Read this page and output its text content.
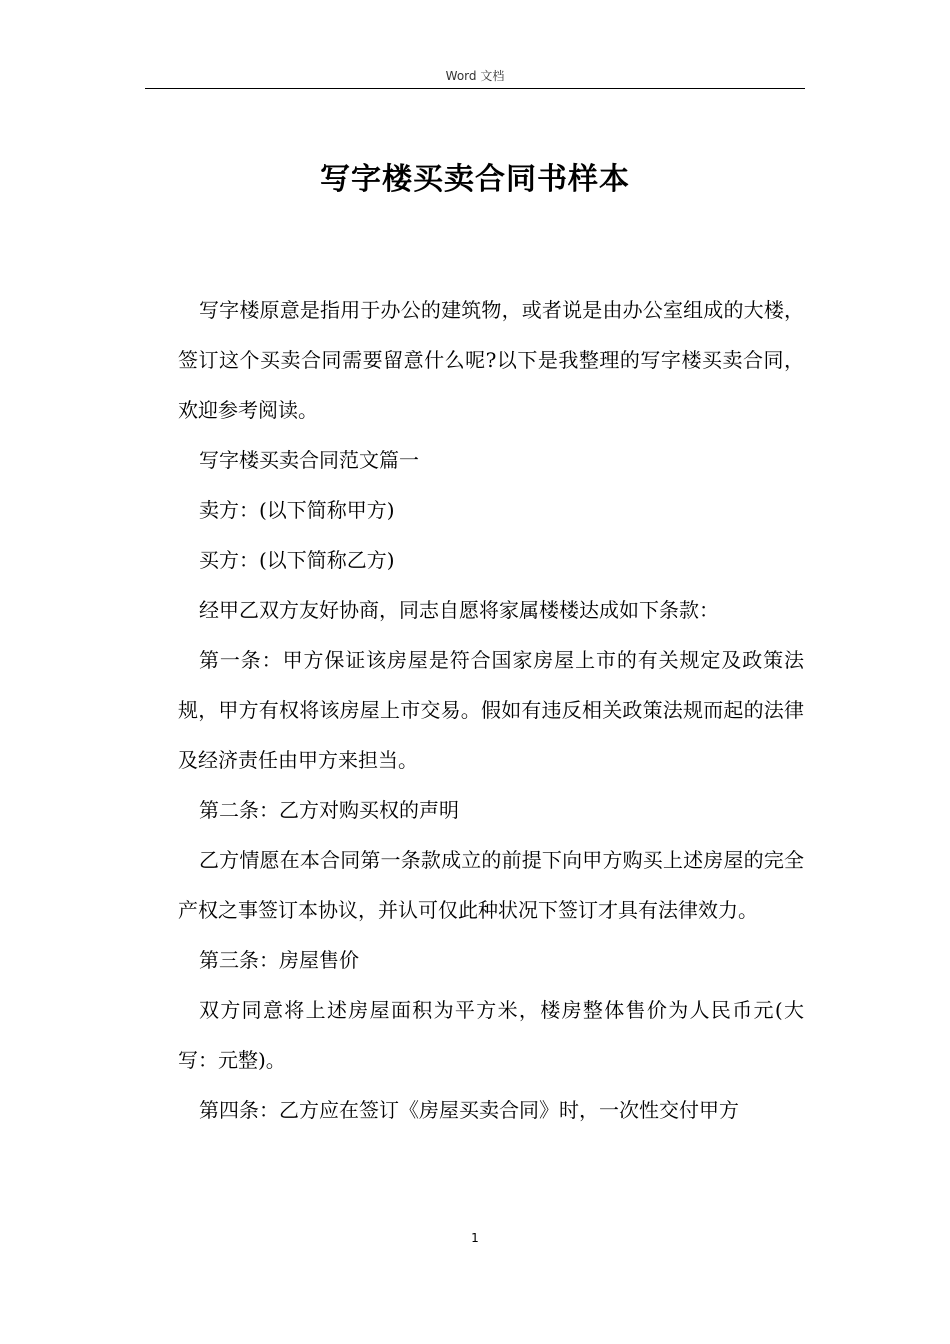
Word 文档
写字楼买卖合同书样本

写字楼原意是指用于办公的建筑物，或者说是由办公室组成的大楼，签订这个买卖合同需要留意什么呢?以下是我整理的写字楼买卖合同，欢迎参考阅读。

写字楼买卖合同范文篇一

卖方：(以下简称甲方)

买方：(以下简称乙方)

经甲乙双方友好协商，同志自愿将家属楼楼达成如下条款：

第一条：甲方保证该房屋是符合国家房屋上市的有关规定及政策法规，甲方有权将该房屋上市交易。假如有违反相关政策法规而起的法律及经济责任由甲方来担当。

第二条：乙方对购买权的声明

乙方情愿在本合同第一条款成立的前提下向甲方购买上述房屋的完全产权之事签订本协议，并认可仅此种状况下签订才具有法律效力。

第三条：房屋售价

双方同意将上述房屋面积为平方米，楼房整体售价为人民币元(大写：元整)。

第四条：乙方应在签订《房屋买卖合同》时，一次性交付甲方

1
